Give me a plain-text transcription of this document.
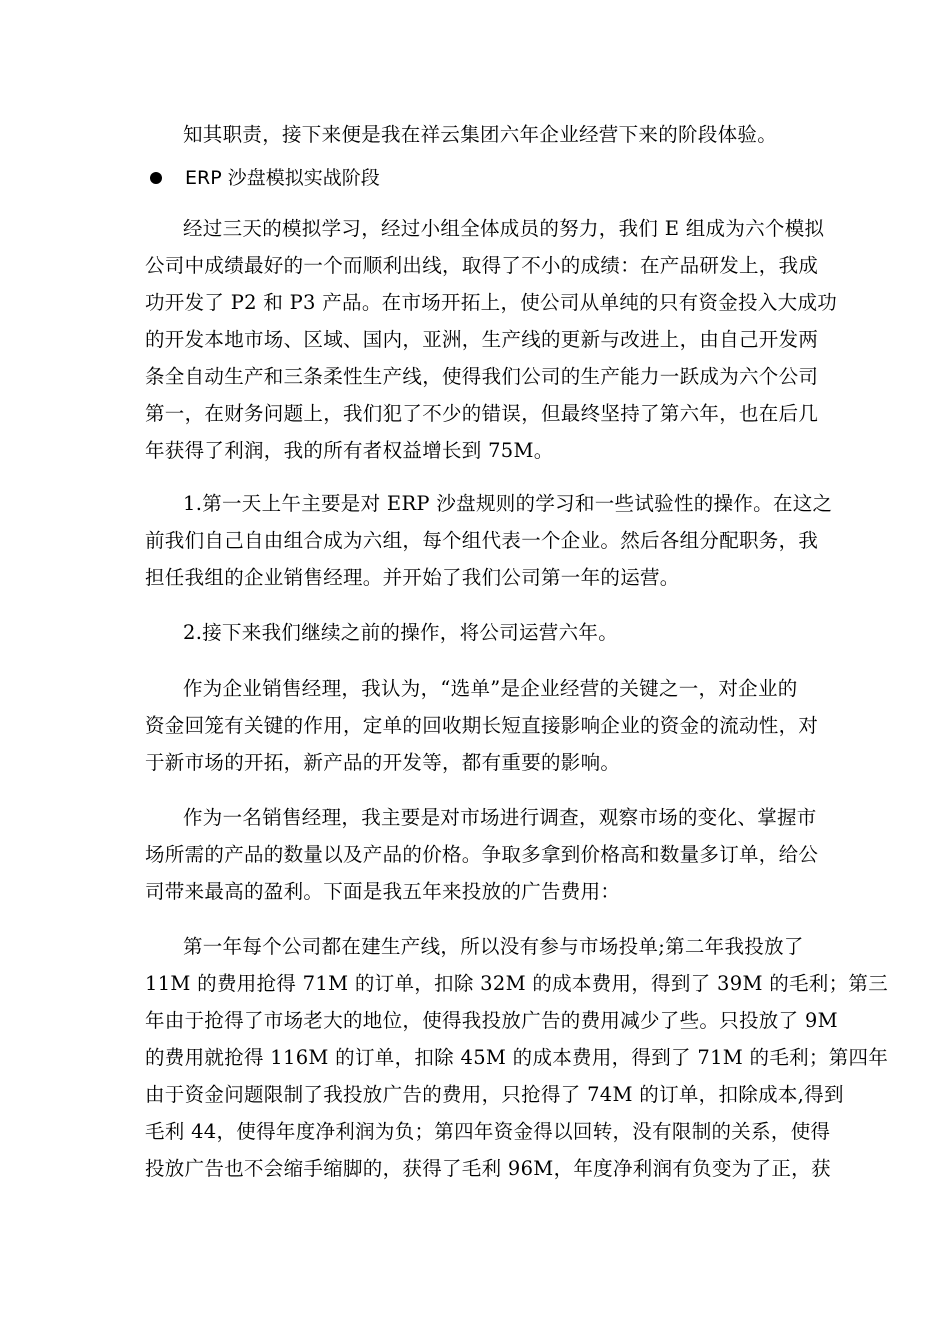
知其职责，接下来便是我在祥云集团六年企业经营下来的阶段体验。
ERP 沙盘模拟实战阶段
经过三天的模拟学习，经过小组全体成员的努力，我们 E 组成为六个模拟
公司中成绩最好的一个而顺利出线，取得了不小的成绩：在产品研发上，我成
功开发了 P2 和 P3 产品。在市场开拓上，使公司从单纯的只有资金投入大成功
的开发本地市场、区域、国内，亚洲，生产线的更新与改进上，由自己开发两
条全自动生产和三条柔性生产线，使得我们公司的生产能力一跃成为六个公司
第一，在财务问题上，我们犯了不少的错误，但最终坚持了第六年，也在后几
年获得了利润，我的所有者权益增长到 75M。
1.第一天上午主要是对 ERP 沙盘规则的学习和一些试验性的操作。在这之
前我们自己自由组合成为六组，每个组代表一个企业。然后各组分配职务，我
担任我组的企业销售经理。并开始了我们公司第一年的运营。
2.接下来我们继续之前的操作，将公司运营六年。
作为企业销售经理，我认为，“选单”是企业经营的关键之一，对企业的
资金回笼有关键的作用，定单的回收期长短直接影响企业的资金的流动性，对
于新市场的开拓，新产品的开发等，都有重要的影响。
作为一名销售经理，我主要是对市场进行调查，观察市场的变化、掌握市
场所需的产品的数量以及产品的价格。争取多拿到价格高和数量多订单，给公
司带来最高的盈利。下面是我五年来投放的广告费用：
第一年每个公司都在建生产线，所以没有参与市场投单;第二年我投放了
11M 的费用抢得 71M 的订单，扣除 32M 的成本费用，得到了 39M 的毛利；第三
年由于抢得了市场老大的地位，使得我投放广告的费用减少了些。只投放了 9M
的费用就抢得 116M 的订单，扣除 45M 的成本费用，得到了 71M 的毛利；第四年
由于资金问题限制了我投放广告的费用，只抢得了 74M 的订单，扣除成本,得到
毛利 44，使得年度净利润为负；第四年资金得以回转，没有限制的关系，使得
投放广告也不会缩手缩脚的，获得了毛利 96M，年度净利润有负变为了正，获
